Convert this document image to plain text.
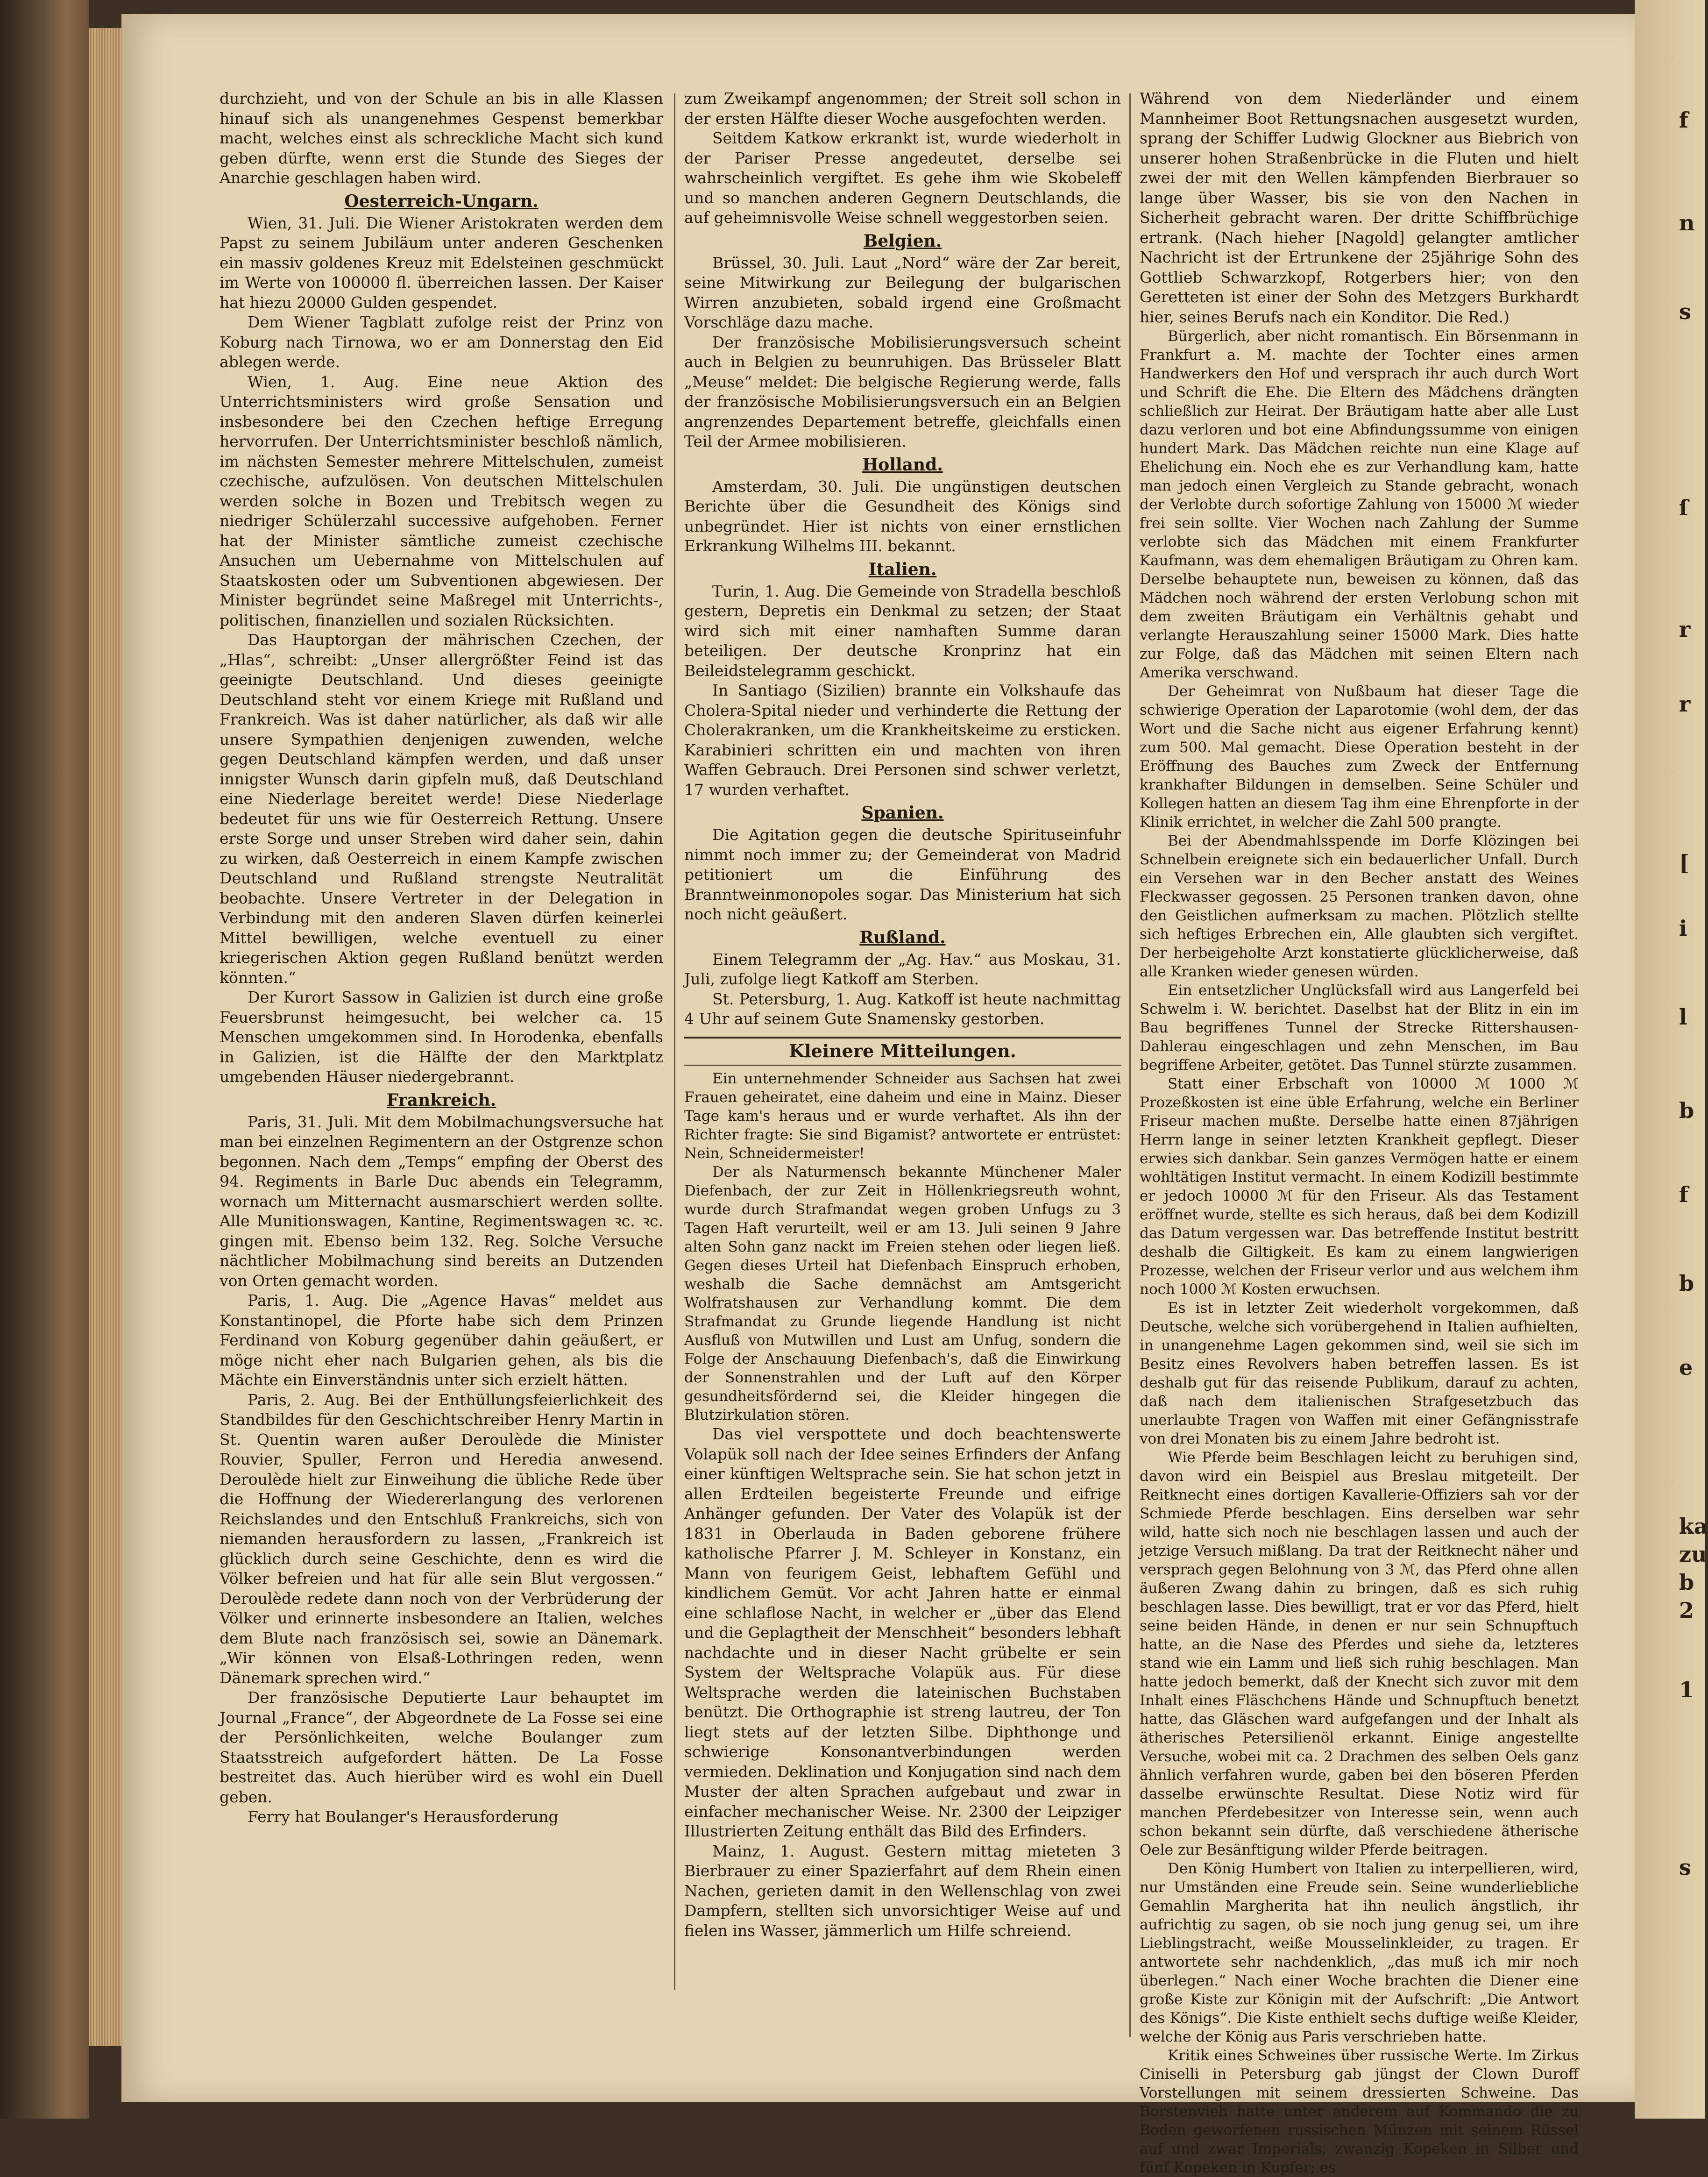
durchzieht, und von der Schule an bis in alle Klassen hinauf sich als unangenehmes Gespenst bemerkbar macht, welches einst als schreckliche Macht sich kund geben dürfte, wenn erst die Stunde des Sieges der Anarchie geschlagen haben wird.

Oesterreich-Ungarn.

Wien, 31. Juli. Die Wiener Aristokraten werden dem Papst zu seinem Jubiläum unter anderen Geschenken ein massiv goldenes Kreuz mit Edelsteinen geschmückt im Werte von 100000 fl. überreichen lassen. Der Kaiser hat hiezu 20000 Gulden gespendet.

Dem Wiener Tagblatt zufolge reist der Prinz von Koburg nach Tirnowa, wo er am Donnerstag den Eid ablegen werde.

Wien, 1. Aug. Eine neue Aktion des Unterrichtsministers wird große Sensation und insbesondere bei den Czechen heftige Erregung hervorrufen. Der Unterrichtsminister beschloß nämlich, im nächsten Semester mehrere Mittelschulen, zumeist czechische, aufzulösen. Von deutschen Mittelschulen werden solche in Bozen und Trebitsch wegen zu niedriger Schülerzahl successive aufgehoben. Ferner hat der Minister sämtliche zumeist czechische Ansuchen um Uebernahme von Mittelschulen auf Staatskosten oder um Subventionen abgewiesen. Der Minister begründet seine Maßregel mit Unterrichts-, politischen, finanziellen und sozialen Rücksichten.

Das Hauptorgan der mährischen Czechen, der „Hlas“, schreibt: „Unser allergrößter Feind ist das geeinigte Deutschland. Und dieses geeinigte Deutschland steht vor einem Kriege mit Rußland und Frankreich. Was ist daher natürlicher, als daß wir alle unsere Sympathien denjenigen zuwenden, welche gegen Deutschland kämpfen werden, und daß unser innigster Wunsch darin gipfeln muß, daß Deutschland eine Niederlage bereitet werde! Diese Niederlage bedeutet für uns wie für Oesterreich Rettung. Unsere erste Sorge und unser Streben wird daher sein, dahin zu wirken, daß Oesterreich in einem Kampfe zwischen Deutschland und Rußland strengste Neutralität beobachte. Unsere Vertreter in der Delegation in Verbindung mit den anderen Slaven dürfen keinerlei Mittel bewilligen, welche eventuell zu einer kriegerischen Aktion gegen Rußland benützt werden könnten.“

Der Kurort Sassow in Galizien ist durch eine große Feuersbrunst heimgesucht, bei welcher ca. 15 Menschen umgekommen sind. In Horodenka, ebenfalls in Galizien, ist die Hälfte der den Marktplatz umgebenden Häuser niedergebrannt.

Frankreich.

Paris, 31. Juli. Mit dem Mobilmachungsversuche hat man bei einzelnen Regimentern an der Ostgrenze schon begonnen. Nach dem „Temps“ empfing der Oberst des 94. Regiments in Barle Duc abends ein Telegramm, wornach um Mitternacht ausmarschiert werden sollte. Alle Munitionswagen, Kantine, Regimentswagen ꝛc. ꝛc. gingen mit. Ebenso beim 132. Reg. Solche Versuche nächtlicher Mobilmachung sind bereits an Dutzenden von Orten gemacht worden.

Paris, 1. Aug. Die „Agence Havas“ meldet aus Konstantinopel, die Pforte habe sich dem Prinzen Ferdinand von Koburg gegenüber dahin geäußert, er möge nicht eher nach Bulgarien gehen, als bis die Mächte ein Einverständnis unter sich erzielt hätten.

Paris, 2. Aug. Bei der Enthüllungsfeierlichkeit des Standbildes für den Geschichtschreiber Henry Martin in St. Quentin waren außer Deroulède die Minister Rouvier, Spuller, Ferron und Heredia anwesend. Deroulède hielt zur Einweihung die übliche Rede über die Hoffnung der Wiedererlangung des verlorenen Reichslandes und den Entschluß Frankreichs, sich von niemanden herausfordern zu lassen, „Frankreich ist glücklich durch seine Geschichte, denn es wird die Völker befreien und hat für alle sein Blut vergossen.“ Deroulède redete dann noch von der Verbrüderung der Völker und erinnerte insbesondere an Italien, welches dem Blute nach französisch sei, sowie an Dänemark. „Wir können von Elsaß-Lothringen reden, wenn Dänemark sprechen wird.“

Der französische Deputierte Laur behauptet im Journal „France“, der Abgeordnete de La Fosse sei eine der Persönlichkeiten, welche Boulanger zum Staatsstreich aufgefordert hätten. De La Fosse bestreitet das. Auch hierüber wird es wohl ein Duell geben.

Ferry hat Boulanger's Herausforderung

zum Zweikampf angenommen; der Streit soll schon in der ersten Hälfte dieser Woche ausgefochten werden.

Seitdem Katkow erkrankt ist, wurde wiederholt in der Pariser Presse angedeutet, derselbe sei wahrscheinlich vergiftet. Es gehe ihm wie Skobeleff und so manchen anderen Gegnern Deutschlands, die auf geheimnisvolle Weise schnell weggestorben seien.

Belgien.

Brüssel, 30. Juli. Laut „Nord“ wäre der Zar bereit, seine Mitwirkung zur Beilegung der bulgarischen Wirren anzubieten, sobald irgend eine Großmacht Vorschläge dazu mache.

Der französische Mobilisierungsversuch scheint auch in Belgien zu beunruhigen. Das Brüsseler Blatt „Meuse“ meldet: Die belgische Regierung werde, falls der französische Mobilisierungsversuch ein an Belgien angrenzendes Departement betreffe, gleichfalls einen Teil der Armee mobilisieren.

Holland.

Amsterdam, 30. Juli. Die ungünstigen deutschen Berichte über die Gesundheit des Königs sind unbegründet. Hier ist nichts von einer ernstlichen Erkrankung Wilhelms III. bekannt.

Italien.

Turin, 1. Aug. Die Gemeinde von Stradella beschloß gestern, Depretis ein Denkmal zu setzen; der Staat wird sich mit einer namhaften Summe daran beteiligen. Der deutsche Kronprinz hat ein Beileidstelegramm geschickt.

In Santiago (Sizilien) brannte ein Volkshaufe das Cholera-Spital nieder und verhinderte die Rettung der Cholerakranken, um die Krankheitskeime zu ersticken. Karabinieri schritten ein und machten von ihren Waffen Gebrauch. Drei Personen sind schwer verletzt, 17 wurden verhaftet.

Spanien.

Die Agitation gegen die deutsche Spirituseinfuhr nimmt noch immer zu; der Gemeinderat von Madrid petitioniert um die Einführung des Branntweinmonopoles sogar. Das Ministerium hat sich noch nicht geäußert.

Rußland.

Einem Telegramm der „Ag. Hav.“ aus Moskau, 31. Juli, zufolge liegt Katkoff am Sterben.

St. Petersburg, 1. Aug. Katkoff ist heute nachmittag 4 Uhr auf seinem Gute Snamensky gestorben.

Kleinere Mitteilungen.

Ein unternehmender Schneider aus Sachsen hat zwei Frauen geheiratet, eine daheim und eine in Mainz. Dieser Tage kam's heraus und er wurde verhaftet. Als ihn der Richter fragte: Sie sind Bigamist? antwortete er entrüstet: Nein, Schneidermeister!

Der als Naturmensch bekannte Münchener Maler Diefenbach, der zur Zeit in Höllenkriegsreuth wohnt, wurde durch Strafmandat wegen groben Unfugs zu 3 Tagen Haft verurteilt, weil er am 13. Juli seinen 9 Jahre alten Sohn ganz nackt im Freien stehen oder liegen ließ. Gegen dieses Urteil hat Diefenbach Einspruch erhoben, weshalb die Sache demnächst am Amtsgericht Wolfratshausen zur Verhandlung kommt. Die dem Strafmandat zu Grunde liegende Handlung ist nicht Ausfluß von Mutwillen und Lust am Unfug, sondern die Folge der Anschauung Diefenbach's, daß die Einwirkung der Sonnenstrahlen und der Luft auf den Körper gesundheitsfördernd sei, die Kleider hingegen die Blutzirkulation stören.

Das viel verspottete und doch beachtenswerte Volapük soll nach der Idee seines Erfinders der Anfang einer künftigen Weltsprache sein. Sie hat schon jetzt in allen Erdteilen begeisterte Freunde und eifrige Anhänger gefunden. Der Vater des Volapük ist der 1831 in Oberlauda in Baden geborene frühere katholische Pfarrer J. M. Schleyer in Konstanz, ein Mann von feurigem Geist, lebhaftem Gefühl und kindlichem Gemüt. Vor acht Jahren hatte er einmal eine schlaflose Nacht, in welcher er „über das Elend und die Geplagtheit der Menschheit“ besonders lebhaft nachdachte und in dieser Nacht grübelte er sein System der Weltsprache Volapük aus. Für diese Weltsprache werden die lateinischen Buchstaben benützt. Die Orthographie ist streng lautreu, der Ton liegt stets auf der letzten Silbe. Diphthonge und schwierige Konsonantverbindungen werden vermieden. Deklination und Konjugation sind nach dem Muster der alten Sprachen aufgebaut und zwar in einfacher mechanischer Weise. Nr. 2300 der Leipziger Illustrierten Zeitung enthält das Bild des Erfinders.

Mainz, 1. August. Gestern mittag mieteten 3 Bierbrauer zu einer Spazierfahrt auf dem Rhein einen Nachen, gerieten damit in den Wellenschlag von zwei Dampfern, stellten sich unvorsichtiger Weise auf und fielen ins Wasser, jämmerlich um Hilfe schreiend.

Während von dem Niederländer und einem Mannheimer Boot Rettungsnachen ausgesetzt wurden, sprang der Schiffer Ludwig Glockner aus Biebrich von unserer hohen Straßenbrücke in die Fluten und hielt zwei der mit den Wellen kämpfenden Bierbrauer so lange über Wasser, bis sie von den Nachen in Sicherheit gebracht waren. Der dritte Schiffbrüchige ertrank. (Nach hieher [Nagold] gelangter amtlicher Nachricht ist der Ertrunkene der 25jährige Sohn des Gottlieb Schwarzkopf, Rotgerbers hier; von den Geretteten ist einer der Sohn des Metzgers Burkhardt hier, seines Berufs nach ein Konditor. Die Red.)

Bürgerlich, aber nicht romantisch. Ein Börsenmann in Frankfurt a. M. machte der Tochter eines armen Handwerkers den Hof und versprach ihr auch durch Wort und Schrift die Ehe. Die Eltern des Mädchens drängten schließlich zur Heirat. Der Bräutigam hatte aber alle Lust dazu verloren und bot eine Abfindungssumme von einigen hundert Mark. Das Mädchen reichte nun eine Klage auf Ehelichung ein. Noch ehe es zur Verhandlung kam, hatte man jedoch einen Vergleich zu Stande gebracht, wonach der Verlobte durch sofortige Zahlung von 15000 ℳ wieder frei sein sollte. Vier Wochen nach Zahlung der Summe verlobte sich das Mädchen mit einem Frankfurter Kaufmann, was dem ehemaligen Bräutigam zu Ohren kam. Derselbe behauptete nun, beweisen zu können, daß das Mädchen noch während der ersten Verlobung schon mit dem zweiten Bräutigam ein Verhältnis gehabt und verlangte Herauszahlung seiner 15000 Mark. Dies hatte zur Folge, daß das Mädchen mit seinen Eltern nach Amerika verschwand.

Der Geheimrat von Nußbaum hat dieser Tage die schwierige Operation der Laparotomie (wohl dem, der das Wort und die Sache nicht aus eigener Erfahrung kennt) zum 500. Mal gemacht. Diese Operation besteht in der Eröffnung des Bauches zum Zweck der Entfernung krankhafter Bildungen in demselben. Seine Schüler und Kollegen hatten an diesem Tag ihm eine Ehrenpforte in der Klinik errichtet, in welcher die Zahl 500 prangte.

Bei der Abendmahlsspende im Dorfe Klözingen bei Schnelbein ereignete sich ein bedauerlicher Unfall. Durch ein Versehen war in den Becher anstatt des Weines Fleckwasser gegossen. 25 Personen tranken davon, ohne den Geistlichen aufmerksam zu machen. Plötzlich stellte sich heftiges Erbrechen ein, Alle glaubten sich vergiftet. Der herbeigeholte Arzt konstatierte glücklicherweise, daß alle Kranken wieder genesen würden.

Ein entsetzlicher Unglücksfall wird aus Langerfeld bei Schwelm i. W. berichtet. Daselbst hat der Blitz in ein im Bau begriffenes Tunnel der Strecke Rittershausen-Dahlerau eingeschlagen und zehn Menschen, im Bau begriffene Arbeiter, getötet. Das Tunnel stürzte zusammen.

Statt einer Erbschaft von 10000 ℳ 1000 ℳ Prozeßkosten ist eine üble Erfahrung, welche ein Berliner Friseur machen mußte. Derselbe hatte einen 87jährigen Herrn lange in seiner letzten Krankheit gepflegt. Dieser erwies sich dankbar. Sein ganzes Vermögen hatte er einem wohltätigen Institut vermacht. In einem Kodizill bestimmte er jedoch 10000 ℳ für den Friseur. Als das Testament eröffnet wurde, stellte es sich heraus, daß bei dem Kodizill das Datum vergessen war. Das betreffende Institut bestritt deshalb die Giltigkeit. Es kam zu einem langwierigen Prozesse, welchen der Friseur verlor und aus welchem ihm noch 1000 ℳ Kosten erwuchsen.

Es ist in letzter Zeit wiederholt vorgekommen, daß Deutsche, welche sich vorübergehend in Italien aufhielten, in unangenehme Lagen gekommen sind, weil sie sich im Besitz eines Revolvers haben betreffen lassen. Es ist deshalb gut für das reisende Publikum, darauf zu achten, daß nach dem italienischen Strafgesetzbuch das unerlaubte Tragen von Waffen mit einer Gefängnisstrafe von drei Monaten bis zu einem Jahre bedroht ist.

Wie Pferde beim Beschlagen leicht zu beruhigen sind, davon wird ein Beispiel aus Breslau mitgeteilt. Der Reitknecht eines dortigen Kavallerie-Offiziers sah vor der Schmiede Pferde beschlagen. Eins derselben war sehr wild, hatte sich noch nie beschlagen lassen und auch der jetzige Versuch mißlang. Da trat der Reitknecht näher und versprach gegen Belohnung von 3 ℳ, das Pferd ohne allen äußeren Zwang dahin zu bringen, daß es sich ruhig beschlagen lasse. Dies bewilligt, trat er vor das Pferd, hielt seine beiden Hände, in denen er nur sein Schnupftuch hatte, an die Nase des Pferdes und siehe da, letzteres stand wie ein Lamm und ließ sich ruhig beschlagen. Man hatte jedoch bemerkt, daß der Knecht sich zuvor mit dem Inhalt eines Fläschchens Hände und Schnupftuch benetzt hatte, das Gläschen ward aufgefangen und der Inhalt als ätherisches Petersilienöl erkannt. Einige angestellte Versuche, wobei mit ca. 2 Drachmen des selben Oels ganz ähnlich verfahren wurde, gaben bei den böseren Pferden dasselbe erwünschte Resultat. Diese Notiz wird für manchen Pferdebesitzer von Interesse sein, wenn auch schon bekannt sein dürfte, daß verschiedene ätherische Oele zur Besänftigung wilder Pferde beitragen.

Den König Humbert von Italien zu interpellieren, wird, nur Umständen eine Freude sein. Seine wunderliebliche Gemahlin Margherita hat ihn neulich ängstlich, ihr aufrichtig zu sagen, ob sie noch jung genug sei, um ihre Lieblingstracht, weiße Mousselinkleider, zu tragen. Er antwortete sehr nachdenklich, „das muß ich mir noch überlegen.“ Nach einer Woche brachten die Diener eine große Kiste zur Königin mit der Aufschrift: „Die Antwort des Königs“. Die Kiste enthielt sechs duftige weiße Kleider, welche der König aus Paris verschrieben hatte.

Kritik eines Schweines über russische Werte. Im Zirkus Ciniselli in Petersburg gab jüngst der Clown Duroff Vorstellungen mit seinem dressierten Schweine. Das Borstenvieh hatte unter anderem auf Kommando die zu Boden geworfenen russischen Münzen mit seinem Rüssel auf und zwar Imperials, zwanzig Kopeken in Silber und fünf Kopeken in Kupfer; es

f
n
s
ſ
r
r
[
i
l
b
f
b
e
ka
zu
b
2
1
s
